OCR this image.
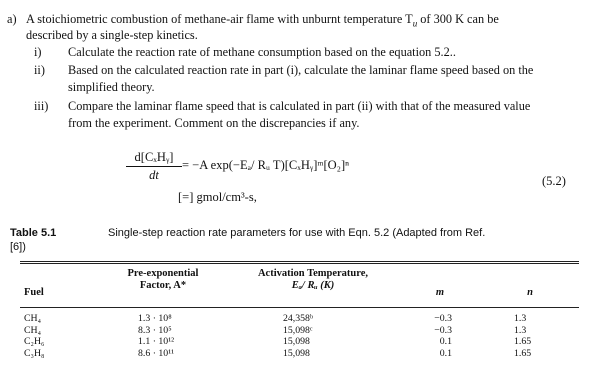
a) A stoichiometric combustion of methane-air flame with unburnt temperature $T_u$ of 300 K can be
described by a single-step kinetics.
i) Calculate the reaction rate of methane consumption based on the equation 5.2..
ii) Based on the calculated reaction rate in part (i), calculate the laminar flame speed based on the
simplified theory.
iii) Compare the laminar flame speed that is calculated in part (ii) with that of the measured value
from the experiment. Comment on the discrepancies if any.
d[CₓHᵧ]
dt
= −A exp(−Eₐ/ Rᵤ T)[CₓHᵧ]ᵐ[O₂]ⁿ
[=] gmol/cm³-s,
(5.2)
Table 5.1
[6])
Single-step reaction rate parameters for use with Eqn. 5.2 (Adapted from Ref.
Fuel
Pre-exponential
Factor, A*
Activation Temperature,
Eₐ/ Rᵤ (K)
m	n
CH₄
CH₄
C₂H₆
C₃H₈
1.3 · 10⁸
8.3 · 10⁵
1.1 · 10¹²
8.6 · 10¹¹
24,358ᵇ
15,098ᶜ
15,098
15,098
−0.3
−0.3
0.1
0.1
1.3
1.3
1.65
1.65
